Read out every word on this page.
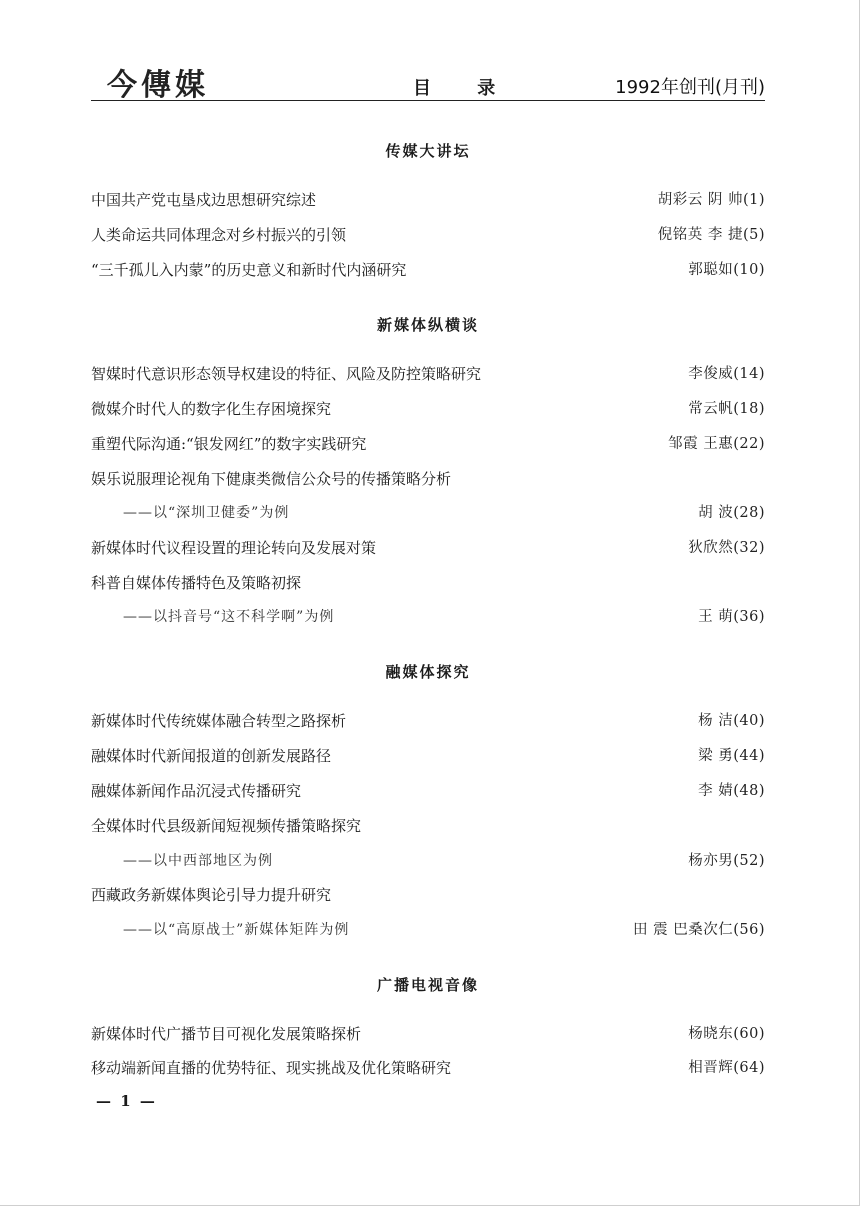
今傳媒	目 录	1992年创刊(月刊)
传媒大讲坛
中国共产党屯垦戍边思想研究综述	胡彩云 阴 帅(1)
人类命运共同体理念对乡村振兴的引领	倪铭英 李 捷(5)
“三千孤儿入内蒙”的历史意义和新时代内涵研究	郭聪如(10)
新媒体纵横谈
智媒时代意识形态领导权建设的特征、风险及防控策略研究	李俊威(14)
微媒介时代人的数字化生存困境探究	常云帆(18)
重塑代际沟通:“银发网红”的数字实践研究	邹霞 王惠(22)
娱乐说服理论视角下健康类微信公众号的传播策略分析
——以“深圳卫健委”为例	胡 波(28)
新媒体时代议程设置的理论转向及发展对策	狄欣然(32)
科普自媒体传播特色及策略初探
——以抖音号“这不科学啊”为例	王 萌(36)
融媒体探究
新媒体时代传统媒体融合转型之路探析	杨 洁(40)
融媒体时代新闻报道的创新发展路径	梁 勇(44)
融媒体新闻作品沉浸式传播研究	李 婧(48)
全媒体时代县级新闻短视频传播策略探究
——以中西部地区为例	杨亦男(52)
西藏政务新媒体舆论引导力提升研究
——以“高原战士”新媒体矩阵为例	田 震 巴桑次仁(56)
广播电视音像
新媒体时代广播节目可视化发展策略探析	杨晓东(60)
移动端新闻直播的优势特征、现实挑战及优化策略研究	相晋辉(64)
— 1 —
